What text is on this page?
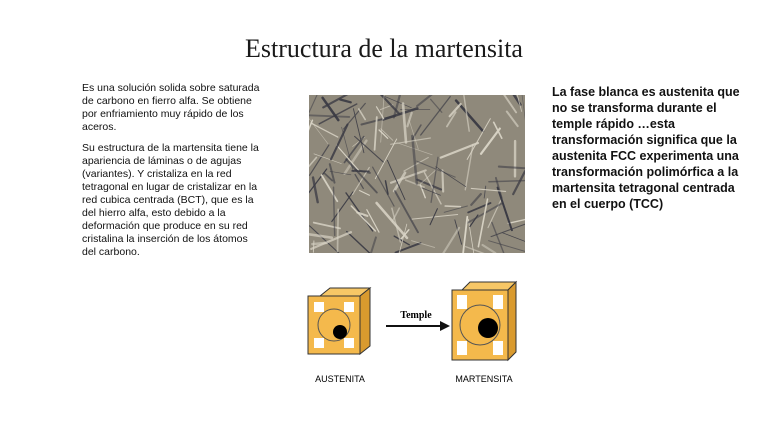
Estructura de la martensita

Es una solución solida sobre saturada de carbono en fierro alfa. Se obtiene por enfriamiento muy rápido de los aceros.

Su estructura de la martensita tiene la apariencia de láminas o de agujas (variantes). Y cristaliza en la red tetragonal en lugar de cristalizar en la red cubica centrada (BCT), que es la del hierro alfa, esto debido a la deformación que produce en su red cristalina la inserción de los átomos del carbono.

La fase blanca es austenita que no se transforma durante el temple rápido …esta transformación significa que la austenita FCC experimenta una transformación polimórfica a la martensita tetragonal centrada en el cuerpo (TCC)
Temple
AUSTENITA	MARTENSITA
